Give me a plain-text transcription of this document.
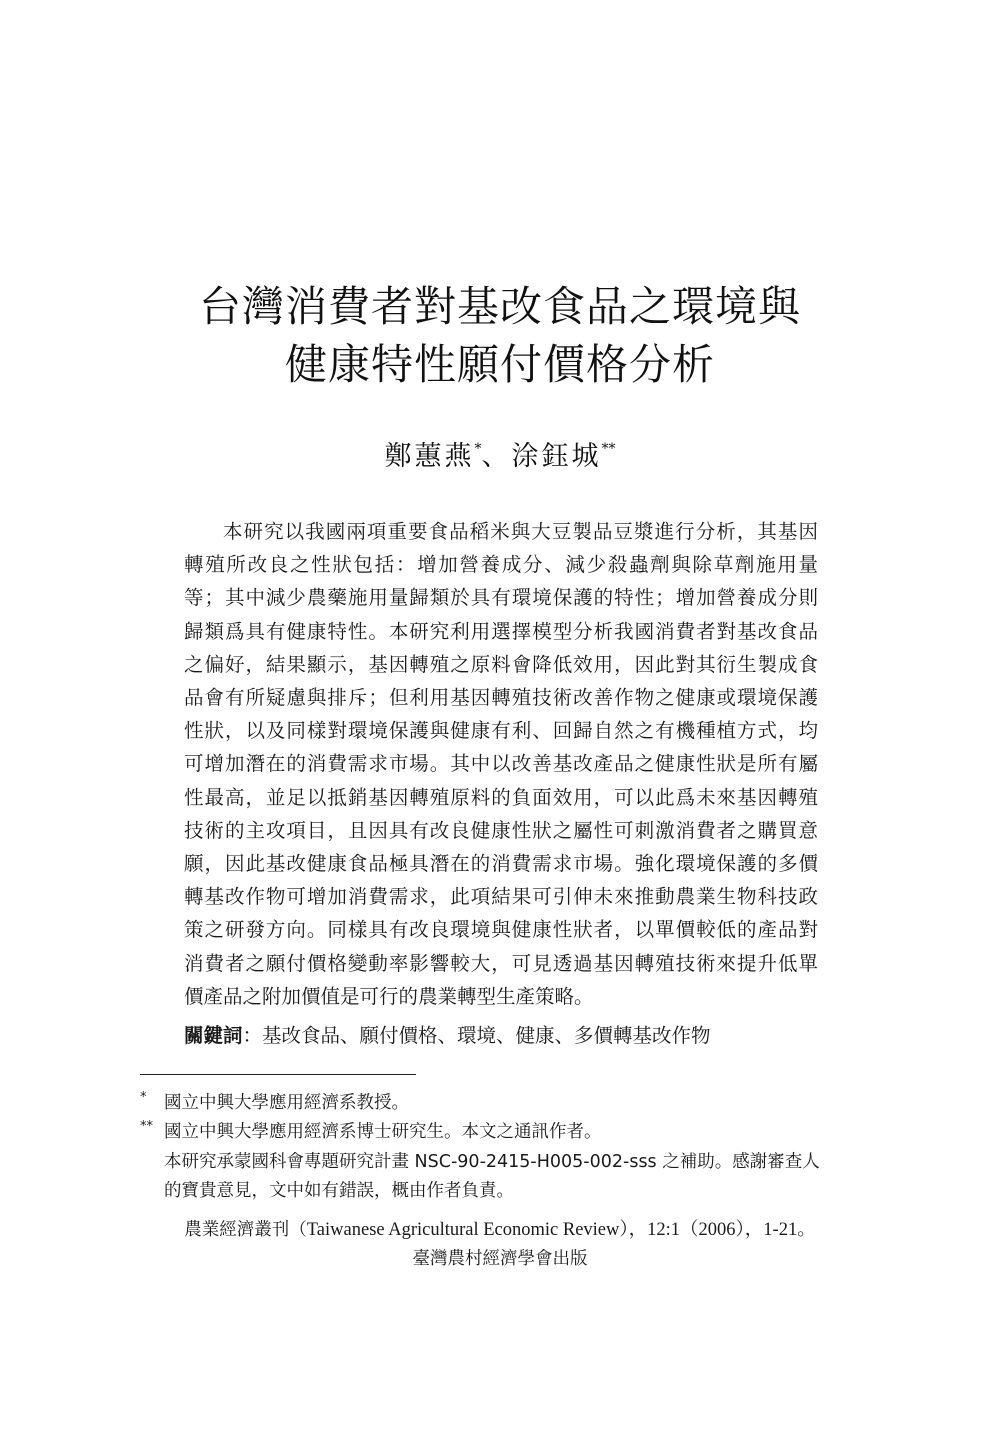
台灣消費者對基改食品之環境與
健康特性願付價格分析
鄭蕙燕*、涂鈺城**
本研究以我國兩項重要食品稻米與大豆製品豆漿進行分析，其基因
轉殖所改良之性狀包括：增加營養成分、減少殺蟲劑與除草劑施用量
等；其中減少農藥施用量歸類於具有環境保護的特性；增加營養成分則
歸類爲具有健康特性。本研究利用選擇模型分析我國消費者對基改食品
之偏好，結果顯示，基因轉殖之原料會降低效用，因此對其衍生製成食
品會有所疑慮與排斥；但利用基因轉殖技術改善作物之健康或環境保護
性狀，以及同樣對環境保護與健康有利、回歸自然之有機種植方式，均
可增加潛在的消費需求市場。其中以改善基改產品之健康性狀是所有屬
性最高，並足以抵銷基因轉殖原料的負面效用，可以此爲未來基因轉殖
技術的主攻項目，且因具有改良健康性狀之屬性可刺激消費者之購買意
願，因此基改健康食品極具潛在的消費需求市場。強化環境保護的多價
轉基改作物可增加消費需求，此項結果可引伸未來推動農業生物科技政
策之研發方向。同樣具有改良環境與健康性狀者，以單價較低的產品對
消費者之願付價格變動率影響較大，可見透過基因轉殖技術來提升低單
價產品之附加價值是可行的農業轉型生產策略。
關鍵詞：基改食品、願付價格、環境、健康、多價轉基改作物
* 國立中興大學應用經濟系教授。
** 國立中興大學應用經濟系博士研究生。本文之通訊作者。
本研究承蒙國科會專題研究計畫 NSC-90-2415-H005-002-sss 之補助。感謝審查人
的寶貴意見，文中如有錯誤，概由作者負責。
農業經濟叢刊（Taiwanese Agricultural Economic Review），12:1（2006），1-21。
臺灣農村經濟學會出版
